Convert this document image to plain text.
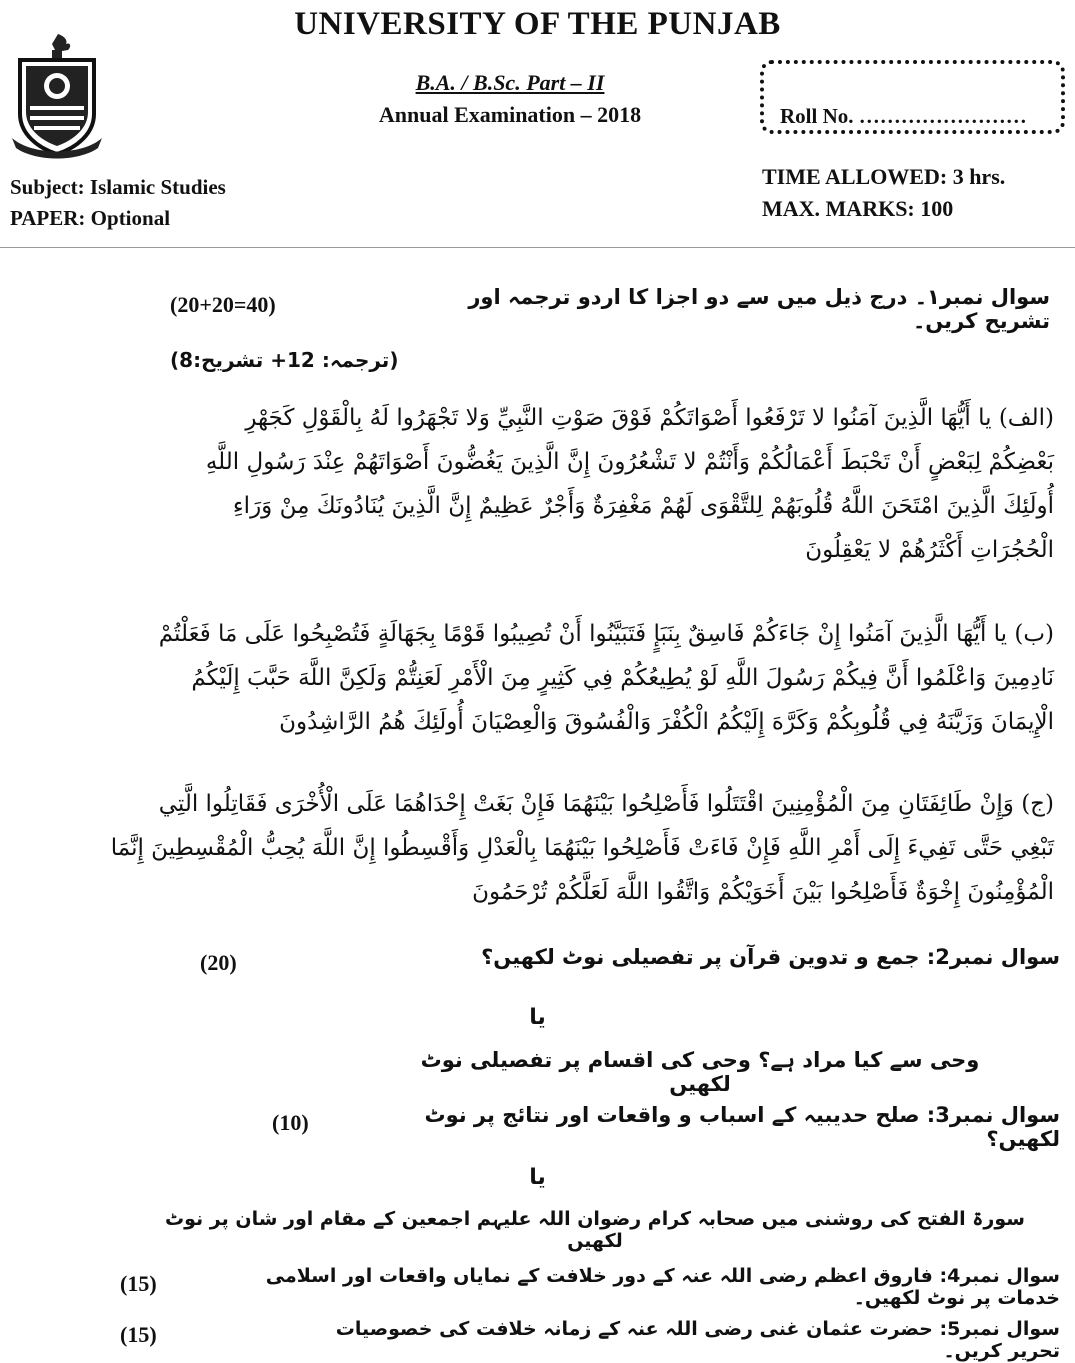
UNIVERSITY OF THE PUNJAB
B.A. / B.Sc. Part – II
Annual Examination – 2018	Roll No. ……………………
Subject: Islamic Studies
PAPER: Optional
TIME ALLOWED: 3 hrs.
MAX. MARKS: 100
سوال نمبر۱۔ درج ذیل میں سے دو اجزا کا اردو ترجمہ اور تشریح کریں۔
(20+20=40)
(ترجمہ: 12+ تشریح:8)
(الف) يا أَيُّهَا الَّذِينَ آمَنُوا لا تَرْفَعُوا أَصْوَاتَكُمْ فَوْقَ صَوْتِ النَّبِيِّ وَلا تَجْهَرُوا لَهُ بِالْقَوْلِ كَجَهْرِ
بَعْضِكُمْ لِبَعْضٍ أَنْ تَحْبَطَ أَعْمَالُكُمْ وَأَنْتُمْ لا تَشْعُرُونَ إِنَّ الَّذِينَ يَغُضُّونَ أَصْوَاتَهُمْ عِنْدَ رَسُولِ اللَّهِ
أُولَئِكَ الَّذِينَ امْتَحَنَ اللَّهُ قُلُوبَهُمْ لِلتَّقْوَى لَهُمْ مَغْفِرَةٌ وَأَجْرٌ عَظِيمٌ إِنَّ الَّذِينَ يُنَادُونَكَ مِنْ وَرَاءِ
الْحُجُرَاتِ أَكْثَرُهُمْ لا يَعْقِلُونَ
(ب) يا أَيُّهَا الَّذِينَ آمَنُوا إِنْ جَاءَكُمْ فَاسِقٌ بِنَبَإٍ فَتَبَيَّنُوا أَنْ تُصِيبُوا قَوْمًا بِجَهَالَةٍ فَتُصْبِحُوا عَلَى مَا فَعَلْتُمْ
نَادِمِينَ وَاعْلَمُوا أَنَّ فِيكُمْ رَسُولَ اللَّهِ لَوْ يُطِيعُكُمْ فِي كَثِيرٍ مِنَ الْأَمْرِ لَعَنِتُّمْ وَلَكِنَّ اللَّهَ حَبَّبَ إِلَيْكُمُ
الْإِيمَانَ وَزَيَّنَهُ فِي قُلُوبِكُمْ وَكَرَّهَ إِلَيْكُمُ الْكُفْرَ وَالْفُسُوقَ وَالْعِصْيَانَ أُولَئِكَ هُمُ الرَّاشِدُونَ
(ج) وَإِنْ طَائِفَتَانِ مِنَ الْمُؤْمِنِينَ اقْتَتَلُوا فَأَصْلِحُوا بَيْنَهُمَا فَإِنْ بَغَتْ إِحْدَاهُمَا عَلَى الْأُخْرَى فَقَاتِلُوا الَّتِي
تَبْغِي حَتَّى تَفِيءَ إِلَى أَمْرِ اللَّهِ فَإِنْ فَاءَتْ فَأَصْلِحُوا بَيْنَهُمَا بِالْعَدْلِ وَأَقْسِطُوا إِنَّ اللَّهَ يُحِبُّ الْمُقْسِطِينَ إِنَّمَا
الْمُؤْمِنُونَ إِخْوَةٌ فَأَصْلِحُوا بَيْنَ أَخَوَيْكُمْ وَاتَّقُوا اللَّهَ لَعَلَّكُمْ تُرْحَمُونَ
سوال نمبر2: جمع و تدوین قرآن پر تفصیلی نوٹ لکھیں؟
(20)
یا
وحی سے کیا مراد ہے؟ وحی کی اقسام پر تفصیلی نوٹ لکھیں
سوال نمبر3: صلح حدیبیہ کے اسباب و واقعات اور نتائج پر نوٹ لکھیں؟
(10)
یا
سورۃ الفتح کی روشنی میں صحابہ کرام رضوان اللہ علیہم اجمعین کے مقام اور شان پر نوٹ لکھیں
سوال نمبر4: فاروق اعظم رضی اللہ عنہ کے دور خلافت کے نمایاں واقعات اور اسلامی خدمات پر نوٹ لکھیں۔
(15)
سوال نمبر5: حضرت عثمان غنی رضی اللہ عنہ کے زمانہ خلافت کی خصوصیات تحریر کریں۔
(15)
